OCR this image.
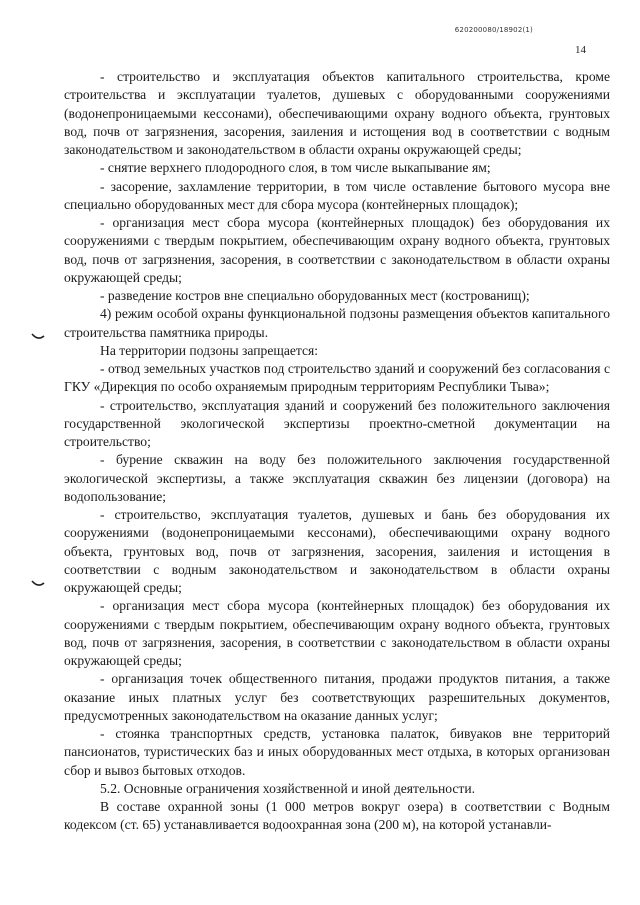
620200080/18902(1)
14

- строительство и эксплуатация объектов капитального строительства, кроме строительства и эксплуатации туалетов, душевых с оборудованными сооружениями (водонепроницаемыми кессонами), обеспечивающими охрану водного объекта, грунтовых вод, почв от загрязнения, засорения, заиления и истощения вод в соответствии с водным законодательством и законодательством в области охраны окружающей среды;

- снятие верхнего плодородного слоя, в том числе выкапывание ям;

- засорение, захламление территории, в том числе оставление бытового мусора вне специально оборудованных мест для сбора мусора (контейнерных площадок);

- организация мест сбора мусора (контейнерных площадок) без оборудования их сооружениями с твердым покрытием, обеспечивающим охрану водного объекта, грунтовых вод, почв от загрязнения, засорения, в соответствии с законодательством в области охраны окружающей среды;

- разведение костров вне специально оборудованных мест (кострованищ);

4) режим особой охраны функциональной подзоны размещения объектов капитального строительства памятника природы.

На территории подзоны запрещается:

- отвод земельных участков под строительство зданий и сооружений без согласования с ГКУ «Дирекция по особо охраняемым природным территориям Республики Тыва»;

- строительство, эксплуатация зданий и сооружений без положительного заключения государственной экологической экспертизы проектно-сметной документации на строительство;

- бурение скважин на воду без положительного заключения государственной экологической экспертизы, а также эксплуатация скважин без лицензии (договора) на водопользование;

- строительство, эксплуатация туалетов, душевых и бань без оборудования их сооружениями (водонепроницаемыми кессонами), обеспечивающими охрану водного объекта, грунтовых вод, почв от загрязнения, засорения, заиления и истощения в соответствии с водным законодательством и законодательством в области охраны окружающей среды;

- организация мест сбора мусора (контейнерных площадок) без оборудования их сооружениями с твердым покрытием, обеспечивающим охрану водного объекта, грунтовых вод, почв от загрязнения, засорения, в соответствии с законодательством в области охраны окружающей среды;

- организация точек общественного питания, продажи продуктов питания, а также оказание иных платных услуг без соответствующих разрешительных документов, предусмотренных законодательством на оказание данных услуг;

- стоянка транспортных средств, установка палаток, бивуаков вне территорий пансионатов, туристических баз и иных оборудованных мест отдыха, в которых организован сбор и вывоз бытовых отходов.

5.2. Основные ограничения хозяйственной и иной деятельности.

В составе охранной зоны (1 000 метров вокруг озера) в соответствии с Водным кодексом (ст. 65) устанавливается водоохранная зона (200 м), на которой устанавли-
